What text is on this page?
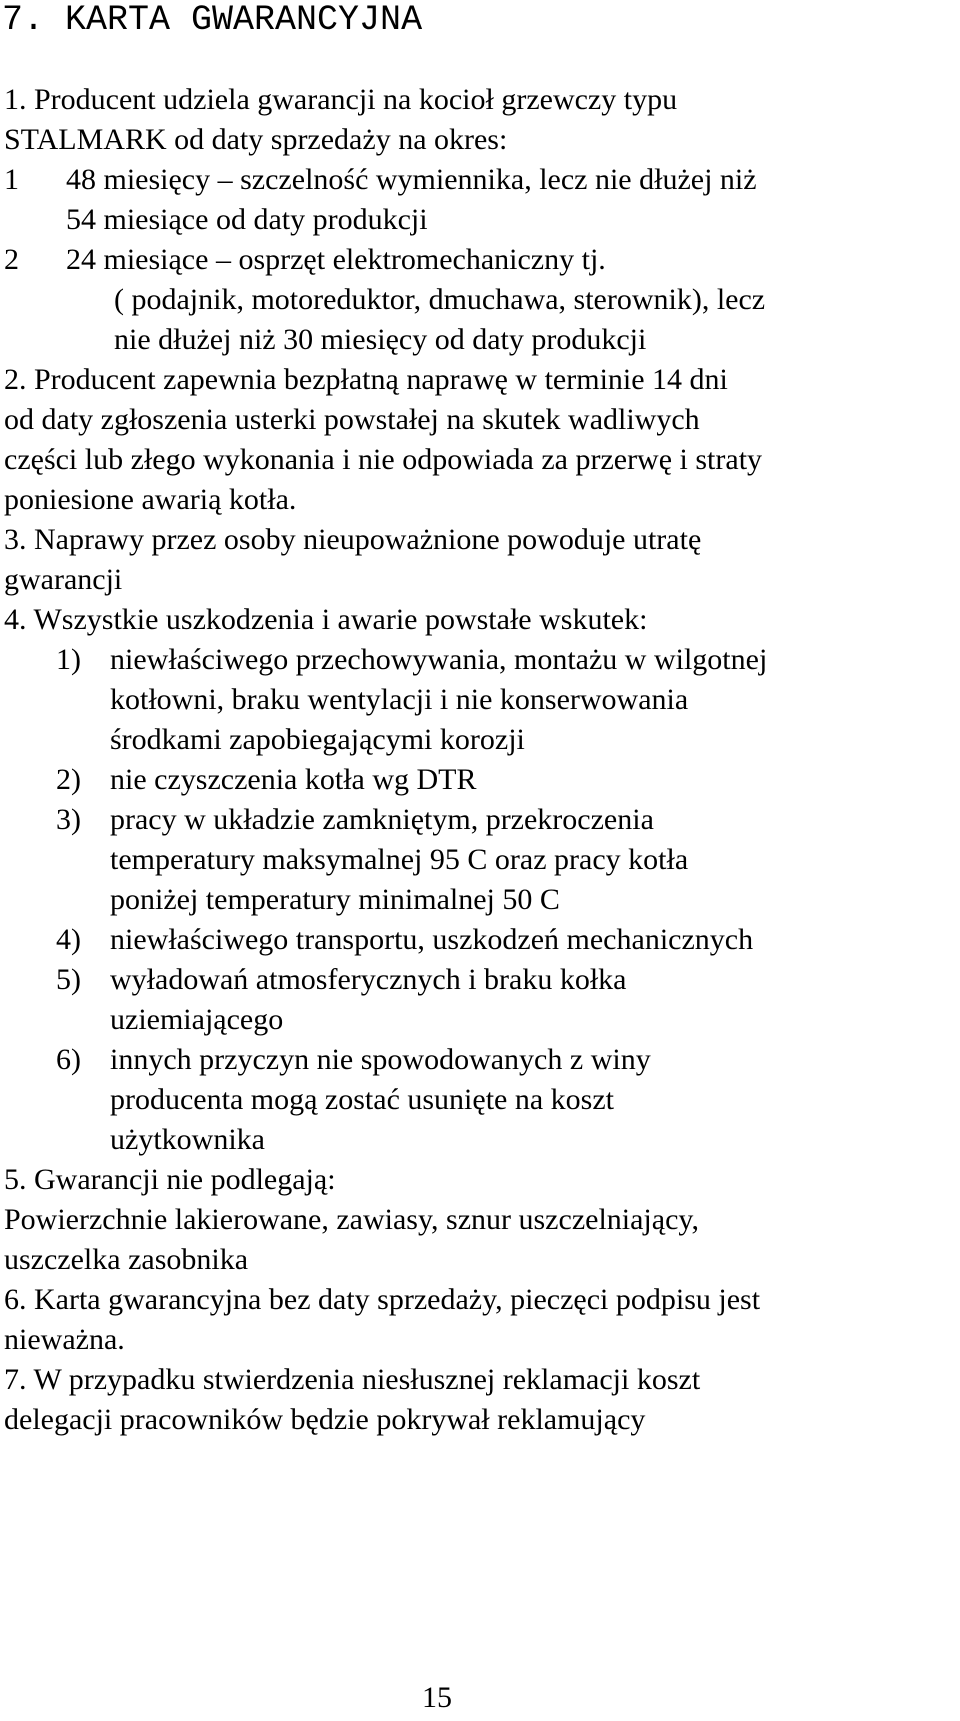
7. KARTA GWARANCYJNA
1. Producent udziela gwarancji na kocioł grzewczy typu
STALMARK od daty sprzedaży na okres:
1 48 miesięcy – szczelność wymiennika, lecz nie dłużej niż
54 miesiące od daty produkcji
2 24 miesiące – osprzęt elektromechaniczny tj.
( podajnik, motoreduktor, dmuchawa, sterownik), lecz
nie dłużej niż 30 miesięcy od daty produkcji
2. Producent zapewnia bezpłatną naprawę w terminie 14 dni
od daty zgłoszenia usterki powstałej na skutek wadliwych
części lub złego wykonania i nie odpowiada za przerwę i straty
poniesione awarią kotła.
3. Naprawy przez osoby nieupoważnione powoduje utratę
gwarancji
4. Wszystkie uszkodzenia i awarie powstałe wskutek:
1) niewłaściwego przechowywania, montażu w wilgotnej
kotłowni, braku wentylacji i nie konserwowania
środkami zapobiegającymi korozji
2) nie czyszczenia kotła wg DTR
3) pracy w układzie zamkniętym, przekroczenia
temperatury maksymalnej 95 C oraz pracy kotła
poniżej temperatury minimalnej 50 C
4) niewłaściwego transportu, uszkodzeń mechanicznych
5) wyładowań atmosferycznych i braku kołka
uziemiającego
6) innych przyczyn nie spowodowanych z winy
producenta mogą zostać usunięte na koszt
użytkownika
5. Gwarancji nie podlegają:
Powierzchnie lakierowane, zawiasy, sznur uszczelniający,
uszczelka zasobnika
6. Karta gwarancyjna bez daty sprzedaży, pieczęci podpisu jest
nieważna.
7. W przypadku stwierdzenia niesłusznej reklamacji koszt
delegacji pracowników będzie pokrywał reklamujący
15
